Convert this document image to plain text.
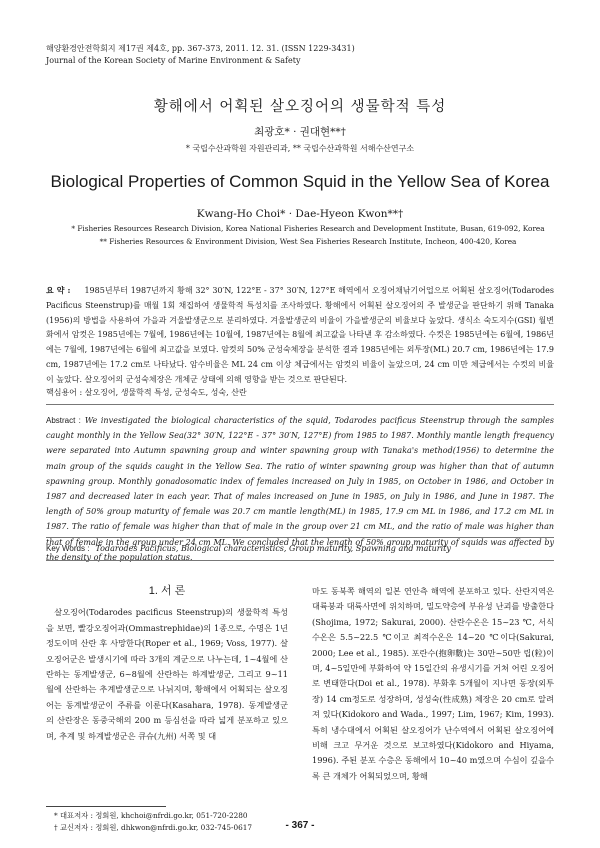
해양환경안전학회지 제17권 제4호, pp. 367-373, 2011. 12. 31. (ISSN 1229-3431)
Journal of the Korean Society of Marine Environment & Safety
황해에서 어획된 살오징어의 생물학적 특성
최광호* · 권대현**†
* 국립수산과학원 자원관리과, ** 국립수산과학원 서해수산연구소
Biological Properties of Common Squid in the Yellow Sea of Korea
Kwang-Ho Choi* · Dae-Hyeon Kwon**†
* Fisheries Resources Research Division, Korea National Fisheries Research and Development Institute, Busan, 619-092, Korea
** Fisheries Resources & Environment Division, West Sea Fisheries Research Institute, Incheon, 400-420, Korea
요 약 : 1985년부터 1987년까지 황해 32° 30′N, 122°E - 37° 30′N, 127°E 해역에서 오징어채낚기어업으로 어획된 살오징어(Todarodes Pacificus Steenstrup)를 매월 1회 채집하여 생물학적 특성치를 조사하였다. 황해에서 어획된 살오징어의 주 발생군을 판단하기 위해 Tanaka (1956)의 방법을 사용하여 가을과 겨울발생군으로 분리하였다. 겨울발생군의 비율이 가을발생군의 비율보다 높았다. 생식소 숙도지수(GSI) 월변화에서 암컷은 1985년에는 7월에, 1986년에는 10월에, 1987년에는 8월에 최고값을 나타낸 후 감소하였다. 수컷은 1985년에는 6월에, 1986년에는 7월에, 1987년에는 6월에 최고값을 보였다. 암컷의 50% 군성숙체장을 분석한 결과 1985년에는 외투장(ML) 20.7 cm, 1986년에는 17.9 cm, 1987년에는 17.2 cm로 나타났다. 암수비율은 ML 24 cm 이상 체급에서는 암컷의 비율이 높았으며, 24 cm 미만 체급에서는 수컷의 비율이 높았다. 살오징어의 군성숙체장은 개체군 상태에 의해 영향을 받는 것으로 판단된다.
핵심용어 : 살오징어, 생물학적 특성, 군성숙도, 성숙, 산란
Abstract : We investigated the biological characteristics of the squid, Todarodes pacificus Steenstrup through the samples caught monthly in the Yellow Sea(32° 30′N, 122°E - 37° 30′N, 127°E) from 1985 to 1987. Monthly mantle length frequency were separated into Autumn spawning group and winter spawning group with Tanaka's method(1956) to determine the main group of the squids caught in the Yellow Sea. The ratio of winter spawning group was higher than that of autumn spawning group. Monthly gonadosomatic index of females increased on July in 1985, on October in 1986, and October in 1987 and decreased later in each year. That of males increased on June in 1985, on July in 1986, and June in 1987. The length of 50% group maturity of female was 20.7 cm mantle length(ML) in 1985, 17.9 cm ML in 1986, and 17.2 cm ML in 1987. The ratio of female was higher than that of male in the group over 21 cm ML, and the ratio of male was higher than that of female in the group under 24 cm ML. We concluded that the length of 50% group maturity of squids was affected by the density of the population status.
Key Words : Todarodes Pacificus, Biological characteristics, Group maturity, Spawning and maturity
1. 서 론
살오징어(Todarodes pacificus Steenstrup)의 생물학적 특성을 보면, 빨강오징어과(Ommastrephidae)의 1종으로, 수명은 1년 정도이며 산란 후 사망한다(Roper et al., 1969; Voss, 1977). 살오징어군은 발생시기에 따라 3개의 계군으로 나누는데, 1~4월에 산란하는 동계발생군, 6~8월에 산란하는 하계발생군, 그리고 9~11월에 산란하는 추계발생군으로 나뉘지며, 황해에서 어획되는 살오징어는 동계발생군이 주류를 이룬다(Kasahara, 1978). 동계발생군의 산란장은 동중국해의 200 m 등심선을 따라 넓게 분포하고 있으며, 추계 및 하계발생군은 큐슈(九州) 서쪽 및 대
마도 동북쪽 해역의 일본 연안측 해역에 분포하고 있다. 산란지역은 대륙붕과 대륙사면에 위치하며, 밀도약층에 부유성 난괴를 방출한다(Shojima, 1972; Sakurai, 2000). 산란수온은 15~23 ℃, 서식수온은 5.5~22.5 ℃이고 최적수온은 14~20 ℃이다(Sakurai, 2000; Lee et al., 1985). 포란수(抱卵數)는 30만~50만 립(粒)이며, 4~5일만에 부화하여 약 15일간의 유생시기를 거쳐 어린 오징어로 변태한다(Doi et al., 1978). 부화후 5개월이 지나면 동장(외투장) 14 cm정도로 성장하며, 성성숙(性成熟) 체장은 20 cm로 알려져 있다(Kidokoro and Wada., 1997; Lim, 1967; Kim, 1993). 특히 냉수대에서 어획된 살오징어가 난수역에서 어획된 살오징어에 비해 크고 무거운 것으로 보고하였다(Kidokoro and Hiyama, 1996). 주된 분포 수층은 동해에서 10~40 m였으며 수심이 깊을수록 큰 개체가 어획되었으며, 황해
* 대표저자 : 정회원, khchoi@nfrdi.go.kr, 051-720-2280
† 교신저자 : 정회원, dhkwon@nfrdi.go.kr, 032-745-0617	- 367 -
